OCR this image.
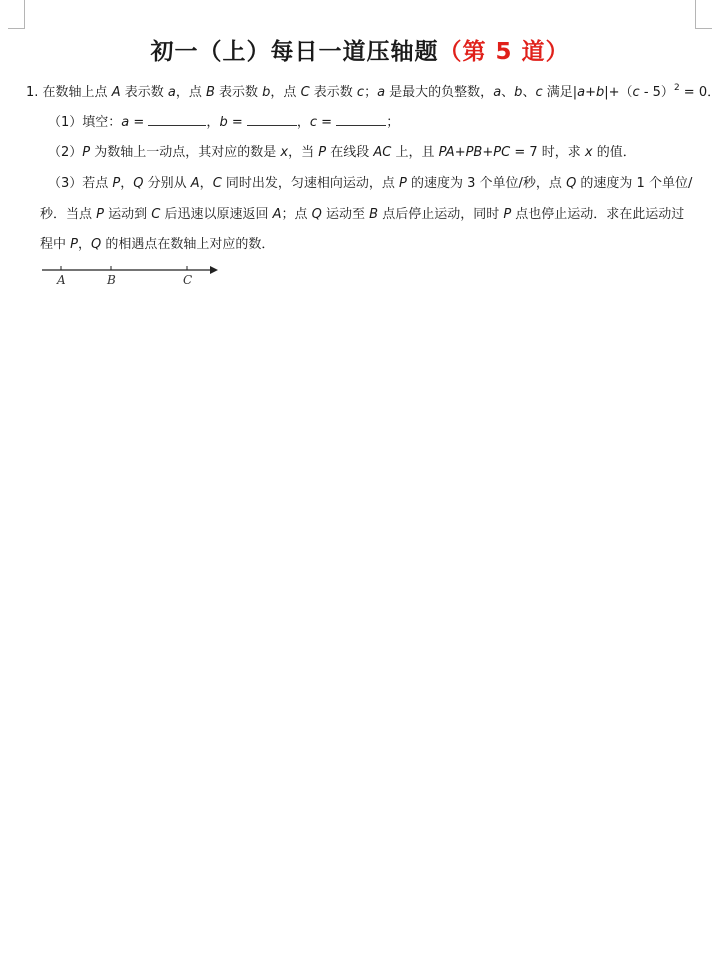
初一（上）每日一道压轴题（第 5 道）
1. 在数轴上点 A 表示数 a，点 B 表示数 b，点 C 表示数 c；a 是最大的负整数，a、b、c 满足|a+b|+（c - 5）$^2$ = 0．
（1）填空：a =	，b =	，c =	；
（2）P 为数轴上一动点，其对应的数是 x，当 P 在线段 AC 上，且 PA+PB+PC = 7 时，求 x 的值．
（3）若点 P，Q 分别从 A，C 同时出发，匀速相向运动，点 P 的速度为 3 个单位/秒，点 Q 的速度为 1 个单位/
秒．当点 P 运动到 C 后迅速以原速返回 A；点 Q 运动至 B 点后停止运动，同时 P 点也停止运动．求在此运动过
程中 P，Q 的相遇点在数轴上对应的数．
A	B	C
